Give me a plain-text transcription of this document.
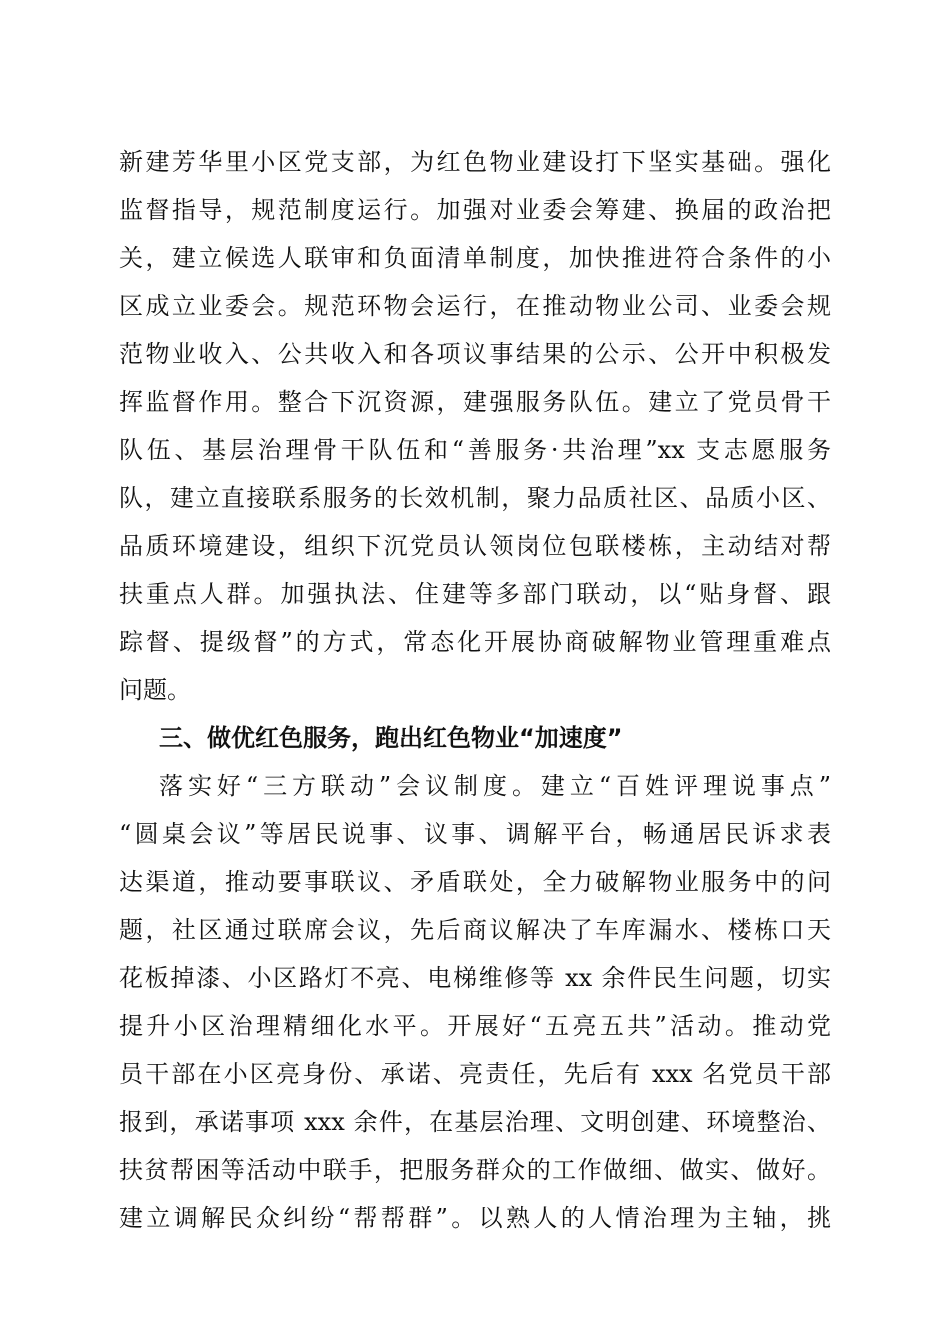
新建芳华里小区党支部，为红色物业建设打下坚实基础。强化
监督指导，规范制度运行。加强对业委会筹建、换届的政治把
关，建立候选人联审和负面清单制度，加快推进符合条件的小
区成立业委会。规范环物会运行，在推动物业公司、业委会规
范物业收入、公共收入和各项议事结果的公示、公开中积极发
挥监督作用。整合下沉资源，建强服务队伍。建立了党员骨干
队伍、基层治理骨干队伍和“善服务·共治理”xx 支志愿服务
队，建立直接联系服务的长效机制，聚力品质社区、品质小区、
品质环境建设，组织下沉党员认领岗位包联楼栋，主动结对帮
扶重点人群。加强执法、住建等多部门联动，以“贴身督、跟
踪督、提级督”的方式，常态化开展协商破解物业管理重难点
问题。
三、做优红色服务，跑出红色物业“加速度”
落实好“三方联动”会议制度。建立“百姓评理说事点”
“圆桌会议”等居民说事、议事、调解平台，畅通居民诉求表
达渠道，推动要事联议、矛盾联处，全力破解物业服务中的问
题，社区通过联席会议，先后商议解决了车库漏水、楼栋口天
花板掉漆、小区路灯不亮、电梯维修等 xx 余件民生问题，切实
提升小区治理精细化水平。开展好“五亮五共”活动。推动党
员干部在小区亮身份、承诺、亮责任，先后有 xxx 名党员干部
报到，承诺事项 xxx 余件，在基层治理、文明创建、环境整治、
扶贫帮困等活动中联手，把服务群众的工作做细、做实、做好。
建立调解民众纠纷“帮帮群”。以熟人的人情治理为主轴，挑
